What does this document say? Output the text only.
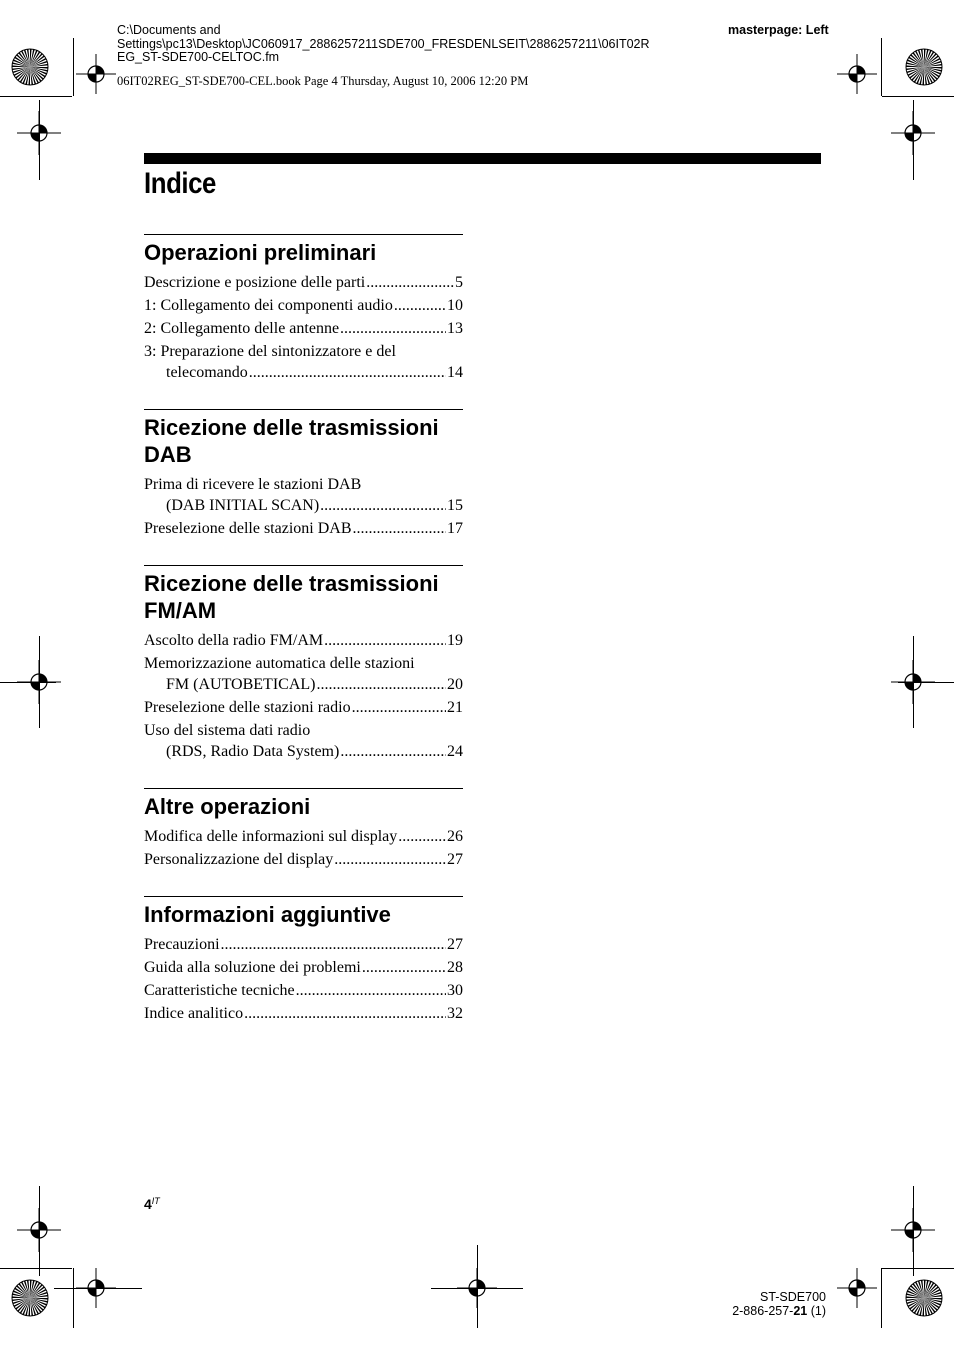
C:\Documents and
Settings\pc13\Desktop\JC060917_2886257211SDE700_FRESDENLSEIT\2886257211\06IT02R
EG_ST-SDE700-CELTOC.fm
masterpage: Left
06IT02REG_ST-SDE700-CEL.book Page 4 Thursday, August 10, 2006 12:20 PM
Indice
Operazioni preliminari
Descrizione e posizione delle parti .....	5
1: Collegamento dei componenti audio .....	10
2: Collegamento delle antenne .....	13
3: Preparazione del sintonizzatore e del
telecomando .....	14
Ricezione delle trasmissioni DAB
Prima di ricevere le stazioni DAB
(DAB INITIAL SCAN) .....	15
Preselezione delle stazioni DAB .....	17
Ricezione delle trasmissioni FM/AM
Ascolto della radio FM/AM .....	19
Memorizzazione automatica delle stazioni
FM (AUTOBETICAL) .....	20
Preselezione delle stazioni radio .....	21
Uso del sistema dati radio
(RDS, Radio Data System) .....	24
Altre operazioni
Modifica delle informazioni sul display .....	26
Personalizzazione del display .....	27
Informazioni aggiuntive
Precauzioni .....	27
Guida alla soluzione dei problemi .....	28
Caratteristiche tecniche .....	30
Indice analitico .....	32
$4^{IT}$
ST-SDE700
2-886-257-21 (1)
